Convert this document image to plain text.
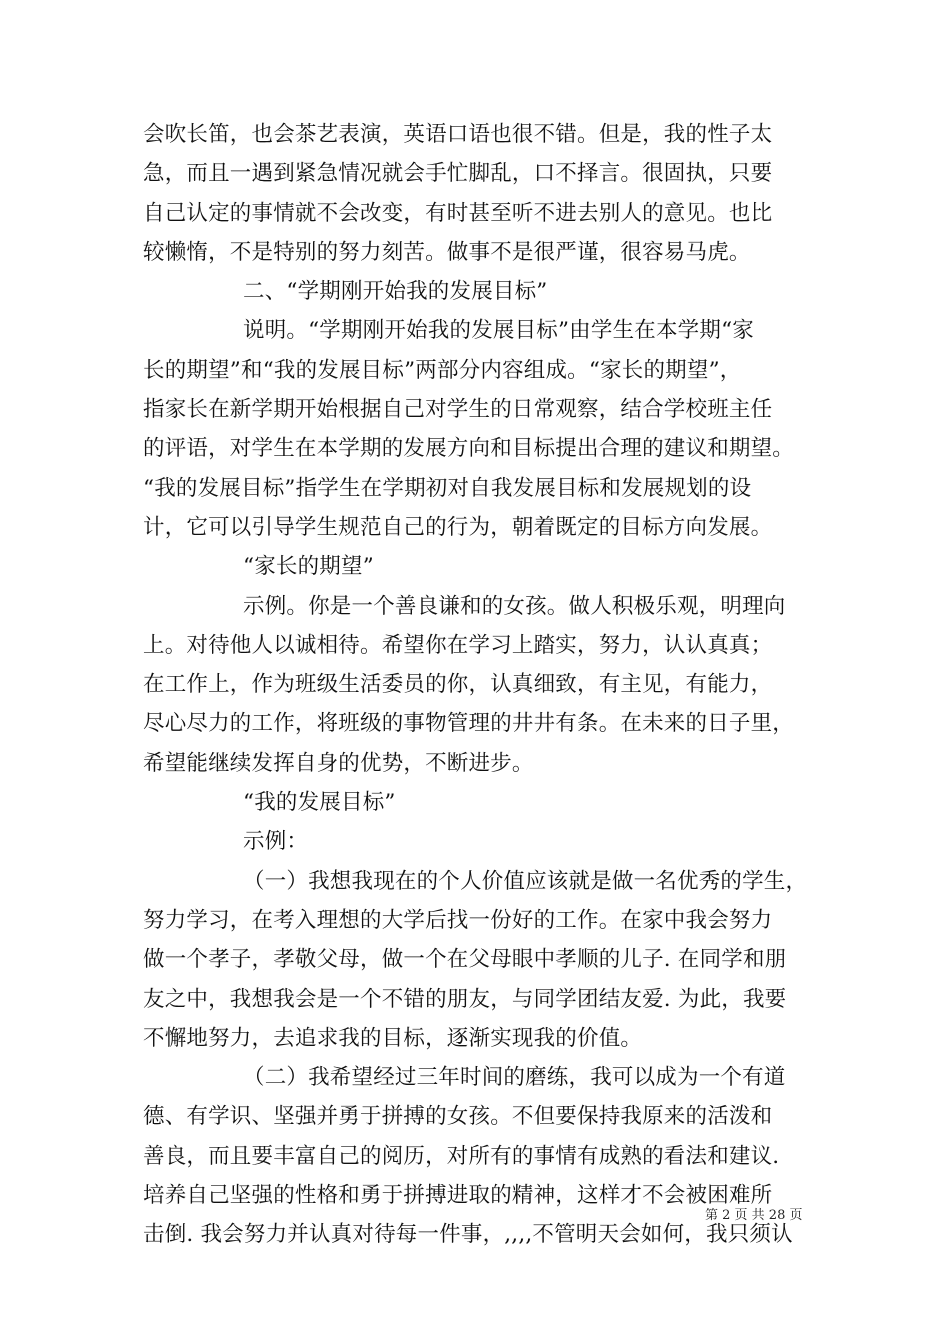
会吹长笛，也会茶艺表演，英语口语也很不错。但是，我的性子太
急，而且一遇到紧急情况就会手忙脚乱，口不择言。很固执，只要
自己认定的事情就不会改变，有时甚至听不进去别人的意见。也比
较懒惰，不是特别的努力刻苦。做事不是很严谨，很容易马虎。
二、“学期刚开始我的发展目标”
说明。“学期刚开始我的发展目标”由学生在本学期“家
长的期望”和“我的发展目标”两部分内容组成。“家长的期望”，
指家长在新学期开始根据自己对学生的日常观察，结合学校班主任
的评语，对学生在本学期的发展方向和目标提出合理的建议和期望。
“我的发展目标”指学生在学期初对自我发展目标和发展规划的设
计，它可以引导学生规范自己的行为，朝着既定的目标方向发展。
“家长的期望”
示例。你是一个善良谦和的女孩。做人积极乐观，明理向
上。对待他人以诚相待。希望你在学习上踏实，努力，认认真真；
在工作上，作为班级生活委员的你，认真细致，有主见，有能力，
尽心尽力的工作，将班级的事物管理的井井有条。在未来的日子里，
希望能继续发挥自身的优势，不断进步。
“我的发展目标”
示例：
（一）我想我现在的个人价值应该就是做一名优秀的学生，
努力学习，在考入理想的大学后找一份好的工作。在家中我会努力
做一个孝子，孝敬父母，做一个在父母眼中孝顺的儿子. 在同学和朋
友之中，我想我会是一个不错的朋友，与同学团结友爱. 为此，我要
不懈地努力，去追求我的目标，逐渐实现我的价值。
（二）我希望经过三年时间的磨练，我可以成为一个有道
德、有学识、坚强并勇于拼搏的女孩。不但要保持我原来的活泼和
善良，而且要丰富自己的阅历，对所有的事情有成熟的看法和建议.
培养自己坚强的性格和勇于拼搏进取的精神，这样才不会被困难所
击倒. 我会努力并认真对待每一件事，,,,,不管明天会如何，我只须认
第 2 页 共 28 页
